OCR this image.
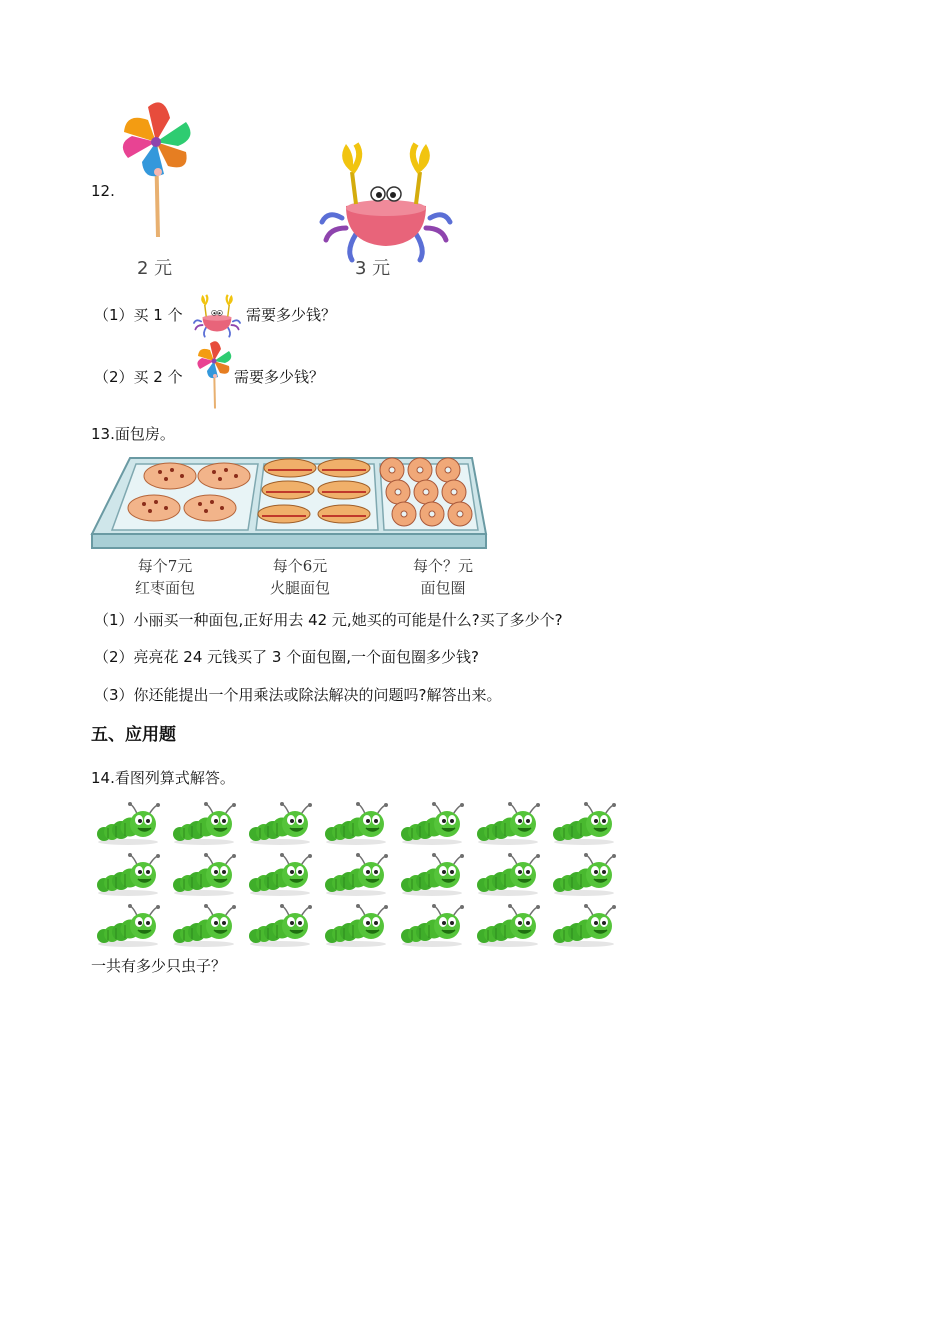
12.
2 元	3 元
（1）买 1 个	需要多少钱？
（2）买 2 个	需要多少钱？
13.面包房。
每个7元
红枣面包
每个6元
火腿面包
每个？元
面包圈
（1）小丽买一种面包,正好用去 42 元,她买的可能是什么?买了多少个?
（2）亮亮花 24 元钱买了 3 个面包圈,一个面包圈多少钱?
（3）你还能提出一个用乘法或除法解决的问题吗?解答出来。
五、应用题
14.看图列算式解答。
一共有多少只虫子？
